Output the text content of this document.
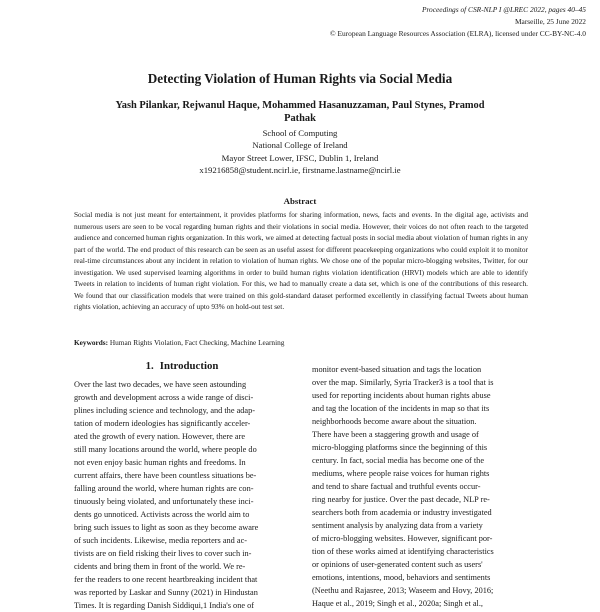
Proceedings of CSR-NLP I @LREC 2022, pages 40–45
Marseille, 25 June 2022
© European Language Resources Association (ELRA), licensed under CC-BY-NC-4.0
Detecting Violation of Human Rights via Social Media
Yash Pilankar, Rejwanul Haque, Mohammed Hasanuzzaman, Paul Stynes, Pramod
Pathak
School of Computing
National College of Ireland
Mayor Street Lower, IFSC, Dublin 1, Ireland
x19216858@student.ncirl.ie, firstname.lastname@ncirl.ie
Abstract
Social media is not just meant for entertainment, it provides platforms for sharing information, news, facts and events. In the digital age, activists and numerous users are seen to be vocal regarding human rights and their violations in social media. However, their voices do not often reach to the targeted audience and concerned human rights organization. In this work, we aimed at detecting factual posts in social media about violation of human rights in any part of the world. The end product of this research can be seen as an useful assest for different peacekeeping organizations who could exploit it to monitor real-time circumstances about any incident in relation to violation of human rights. We chose one of the popular micro-blogging websites, Twitter, for our investigation. We used supervised learning algorithms in order to build human rights violation identification (HRVI) models which are able to identify Tweets in relation to incidents of human right violation. For this, we had to manually create a data set, which is one of the contributions of this research. We found that our classification models that were trained on this gold-standard dataset performed excellently in classifying factual Tweets about human rights violation, achieving an accuracy of upto 93% on hold-out test set.
Keywords: Human Rights Violation, Fact Checking, Machine Learning
1. Introduction
Over the last two decades, we have seen astounding
growth and development across a wide range of disci-
plines including science and technology, and the adap-
tation of modern ideologies has significantly acceler-
ated the growth of every nation. However, there are
still many locations around the world, where people do
not even enjoy basic human rights and freedoms. In
current affairs, there have been countless situations be-
falling around the world, where human rights are con-
tinuously being violated, and unfortunately these inci-
dents go unnoticed. Activists across the world aim to
bring such issues to light as soon as they become aware
of such incidents. Likewise, media reporters and ac-
tivists are on field risking their lives to cover such in-
cidents and bring them in front of the world. We re-
fer the readers to one recent heartbreaking incident that
was reported by Laskar and Sunny (2021) in Hindustan
Times. It is regarding Danish Siddiqui,1 India's one of
monitor event-based situation and tags the location
over the map. Similarly, Syria Tracker3 is a tool that is
used for reporting incidents about human rights abuse
and tag the location of the incidents in map so that its
neighborhoods become aware about the situation.
There have been a staggering growth and usage of
micro-blogging platforms since the beginning of this
century. In fact, social media has become one of the
mediums, where people raise voices for human rights
and tend to share factual and truthful events occur-
ring nearby for justice. Over the past decade, NLP re-
searchers both from academia or industry investigated
sentiment analysis by analyzing data from a variety
of micro-blogging websites. However, significant por-
tion of these works aimed at identifying characteristics
or opinions of user-generated content such as users'
emotions, intentions, mood, behaviors and sentiments
(Neethu and Rajasree, 2013; Waseem and Hovy, 2016;
Haque et al., 2019; Singh et al., 2020a; Singh et al.,
